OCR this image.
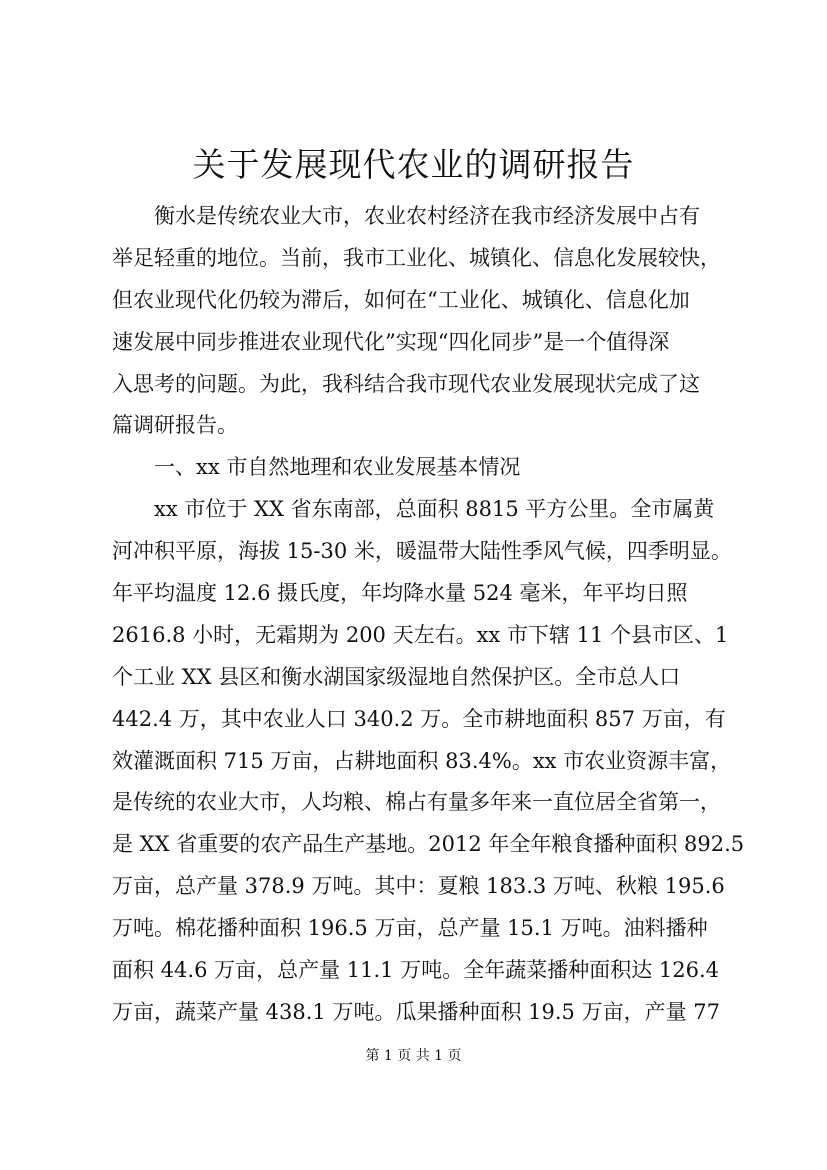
关于发展现代农业的调研报告
衡水是传统农业大市，农业农村经济在我市经济发展中占有
举足轻重的地位。当前，我市工业化、城镇化、信息化发展较快，
但农业现代化仍较为滞后，如何在“工业化、城镇化、信息化加
速发展中同步推进农业现代化”实现“四化同步”是一个值得深
入思考的问题。为此，我科结合我市现代农业发展现状完成了这
篇调研报告。
一、xx 市自然地理和农业发展基本情况
xx 市位于 XX 省东南部，总面积 8815 平方公里。全市属黄
河冲积平原，海拔 15-30 米，暖温带大陆性季风气候，四季明显。
年平均温度 12.6 摄氏度，年均降水量 524 毫米，年平均日照
2616.8 小时，无霜期为 200 天左右。xx 市下辖 11 个县市区、1
个工业 XX 县区和衡水湖国家级湿地自然保护区。全市总人口
442.4 万，其中农业人口 340.2 万。全市耕地面积 857 万亩，有
效灌溉面积 715 万亩，占耕地面积 83.4%。xx 市农业资源丰富，
是传统的农业大市，人均粮、棉占有量多年来一直位居全省第一，
是 XX 省重要的农产品生产基地。2012 年全年粮食播种面积 892.5
万亩，总产量 378.9 万吨。其中：夏粮 183.3 万吨、秋粮 195.6
万吨。棉花播种面积 196.5 万亩，总产量 15.1 万吨。油料播种
面积 44.6 万亩，总产量 11.1 万吨。全年蔬菜播种面积达 126.4
万亩，蔬菜产量 438.1 万吨。瓜果播种面积 19.5 万亩，产量 77
第 1 页 共 1 页
